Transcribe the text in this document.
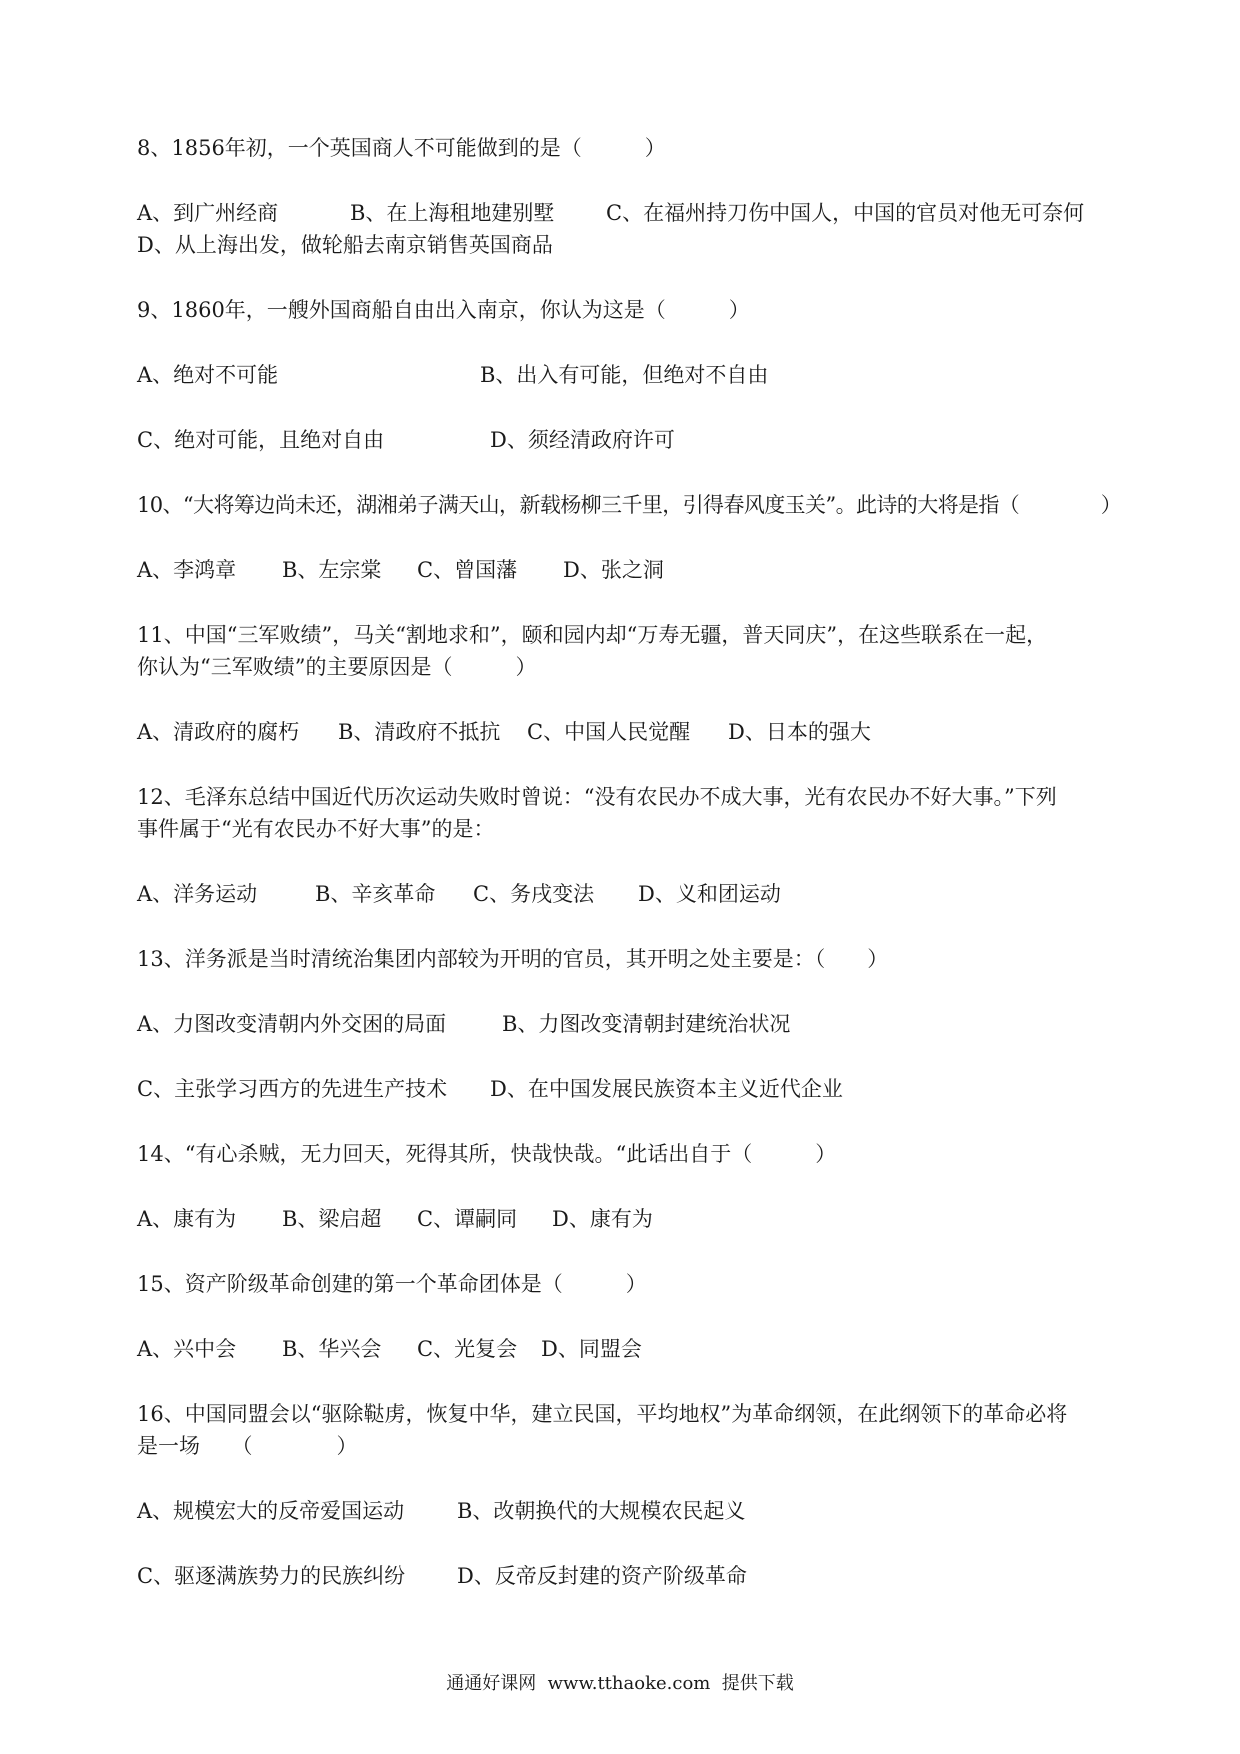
8、1856年初，一个英国商人不可能做到的是（　　　）
A、到广州经商	B、在上海租地建别墅 C、在福州持刀伤中国人，中国的官员对他无可奈何
D、从上海出发，做轮船去南京销售英国商品
9、1860年，一艘外国商船自由出入南京，你认为这是（　　　）
A、绝对不可能	B、出入有可能，但绝对不自由
C、绝对可能，且绝对自由	D、须经清政府许可
10、“大将筹边尚未还，湖湘弟子满天山，新载杨柳三千里，引得春风度玉关”。此诗的大将是指（　　　　）
A、李鸿章 B、左宗棠 C、曾国藩 D、张之洞
11、中国“三军败绩”，马关“割地求和”，颐和园内却“万寿无疆，普天同庆”，在这些联系在一起，
你认为“三军败绩”的主要原因是（　　　）
A、清政府的腐朽 B、清政府不抵抗 C、中国人民觉醒 D、日本的强大
12、毛泽东总结中国近代历次运动失败时曾说：“没有农民办不成大事，光有农民办不好大事。”下列
事件属于“光有农民办不好大事”的是：
A、洋务运动	B、辛亥革命 C、务戌变法 D、义和团运动
13、洋务派是当时清统治集团内部较为开明的官员，其开明之处主要是：（　　）
A、力图改变清朝内外交困的局面	B、力图改变清朝封建统治状况
C、主张学习西方的先进生产技术 D、在中国发展民族资本主义近代企业
14、“有心杀贼，无力回天，死得其所，快哉快哉。“此话出自于（　　　）
A、康有为 B、梁启超 C、谭嗣同 D、康有为
15、资产阶级革命创建的第一个革命团体是（　　　）
A、兴中会 B、华兴会 C、光复会 D、同盟会
16、中国同盟会以“驱除鞑虏，恢复中华，建立民国，平均地权”为革命纲领，在此纲领下的革命必将
是一场　　（　　　　）
A、规模宏大的反帝爱国运动	B、改朝换代的大规模农民起义
C、驱逐满族势力的民族纠纷 D、反帝反封建的资产阶级革命
通通好课网  www.tthaoke.com  提供下载
